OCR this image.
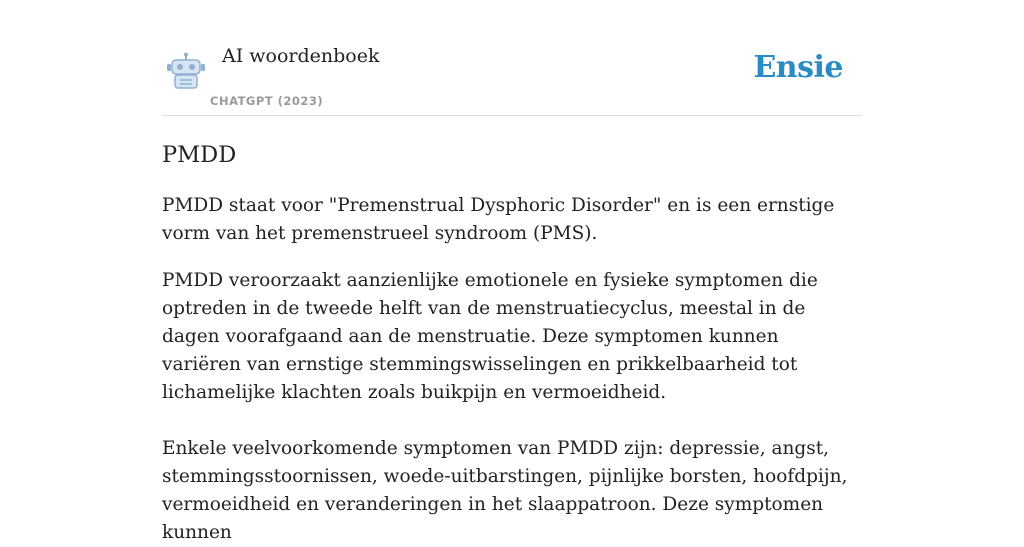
AI woordenboek
CHATGPT (2023)
Ensie
PMDD

PMDD staat voor "Premenstrual Dysphoric Disorder" en is een ernstige vorm van het premenstrueel syndroom (PMS).

PMDD veroorzaakt aanzienlijke emotionele en fysieke symptomen die optreden in de tweede helft van de menstruatiecyclus, meestal in de dagen voorafgaand aan de menstruatie. Deze symptomen kunnen variëren van ernstige stemmingswisselingen en prikkelbaarheid tot lichamelijke klachten zoals buikpijn en vermoeidheid.

Enkele veelvoorkomende symptomen van PMDD zijn: depressie, angst, stemmingsstoornissen, woede-uitbarstingen, pijnlijke borsten, hoofdpijn, vermoeidheid en veranderingen in het slaappatroon. Deze symptomen kunnen
